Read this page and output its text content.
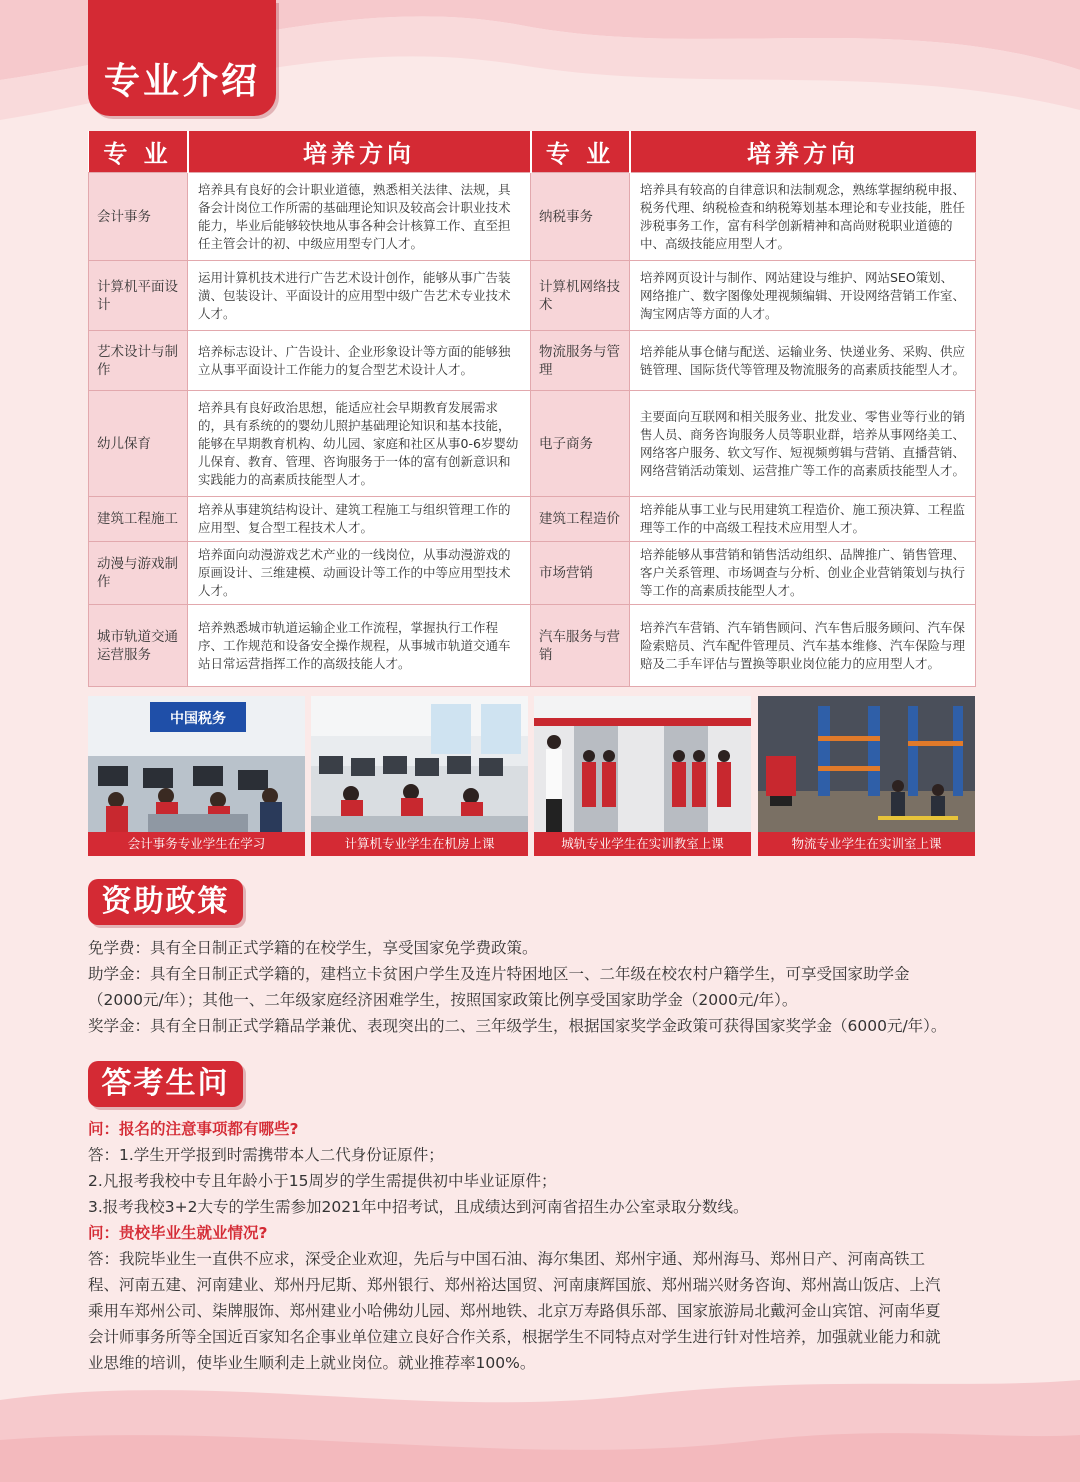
专业介绍
专 业	培养方向	专 业	培养方向
会计事务	培养具有良好的会计职业道德，熟悉相关法律、法规，具备会计岗位工作所需的基础理论知识及较高会计职业技术能力，毕业后能够较快地从事各种会计核算工作、直至担任主管会计的初、中级应用型专门人才。	纳税事务	培养具有较高的自律意识和法制观念，熟练掌握纳税申报、税务代理、纳税检查和纳税筹划基本理论和专业技能，胜任涉税事务工作，富有科学创新精神和高尚财税职业道德的中、高级技能应用型人才。
计算机平面设计	运用计算机技术进行广告艺术设计创作，能够从事广告装潢、包装设计、平面设计的应用型中级广告艺术专业技术人才。	计算机网络技术	培养网页设计与制作、网站建设与维护、网站SEO策划、网络推广、数字图像处理视频编辑、开设网络营销工作室、淘宝网店等方面的人才。
艺术设计与制作	培养标志设计、广告设计、企业形象设计等方面的能够独立从事平面设计工作能力的复合型艺术设计人才。	物流服务与管理	培养能从事仓储与配送、运输业务、快递业务、采购、供应链管理、国际货代等管理及物流服务的高素质技能型人才。
幼儿保育	培养具有良好政治思想，能适应社会早期教育发展需求的，具有系统的的婴幼儿照护基础理论知识和基本技能，能够在早期教育机构、幼儿园、家庭和社区从事0-6岁婴幼儿保育、教育、管理、咨询服务于一体的富有创新意识和实践能力的高素质技能型人才。	电子商务	主要面向互联网和相关服务业、批发业、零售业等行业的销售人员、商务咨询服务人员等职业群，培养从事网络美工、网络客户服务、软文写作、短视频剪辑与营销、直播营销、网络营销活动策划、运营推广等工作的高素质技能型人才。
建筑工程施工	培养从事建筑结构设计、建筑工程施工与组织管理工作的应用型、复合型工程技术人才。	建筑工程造价	培养能从事工业与民用建筑工程造价、施工预决算、工程监理等工作的中高级工程技术应用型人才。
动漫与游戏制作	培养面向动漫游戏艺术产业的一线岗位，从事动漫游戏的原画设计、三维建模、动画设计等工作的中等应用型技术人才。	市场营销	培养能够从事营销和销售活动组织、品牌推广、销售管理、客户关系管理、市场调查与分析、创业企业营销策划与执行等工作的高素质技能型人才。
城市轨道交通运营服务	培养熟悉城市轨道运输企业工作流程，掌握执行工作程序、工作规范和设备安全操作规程，从事城市轨道交通车站日常运营指挥工作的高级技能人才。	汽车服务与营销	培养汽车营销、汽车销售顾问、汽车售后服务顾问、汽车保险索赔员、汽车配件管理员、汽车基本维修、汽车保险与理赔及二手车评估与置换等职业岗位能力的应用型人才。
中国税务
会计事务专业学生在学习	计算机专业学生在机房上课	城轨专业学生在实训教室上课	物流专业学生在实训室上课
资助政策
免学费：具有全日制正式学籍的在校学生，享受国家免学费政策。
助学金：具有全日制正式学籍的，建档立卡贫困户学生及连片特困地区一、二年级在校农村户籍学生，可享受国家助学金
（2000元/年）；其他一、二年级家庭经济困难学生，按照国家政策比例享受国家助学金（2000元/年）。
奖学金：具有全日制正式学籍品学兼优、表现突出的二、三年级学生，根据国家奖学金政策可获得国家奖学金（6000元/年）。
答考生问
问：报名的注意事项都有哪些?
答：1.学生开学报到时需携带本人二代身份证原件；
2.凡报考我校中专且年龄小于15周岁的学生需提供初中毕业证原件；
3.报考我校3+2大专的学生需参加2021年中招考试，且成绩达到河南省招生办公室录取分数线。
问：贵校毕业生就业情况?
答：我院毕业生一直供不应求，深受企业欢迎，先后与中国石油、海尔集团、郑州宇通、郑州海马、郑州日产、河南高铁工
程、河南五建、河南建业、郑州丹尼斯、郑州银行、郑州裕达国贸、河南康辉国旅、郑州瑞兴财务咨询、郑州嵩山饭店、上汽
乘用车郑州公司、柒牌服饰、郑州建业小哈佛幼儿园、郑州地铁、北京万寿路俱乐部、国家旅游局北戴河金山宾馆、河南华夏
会计师事务所等全国近百家知名企事业单位建立良好合作关系，根据学生不同特点对学生进行针对性培养，加强就业能力和就
业思维的培训，使毕业生顺利走上就业岗位。就业推荐率100%。
